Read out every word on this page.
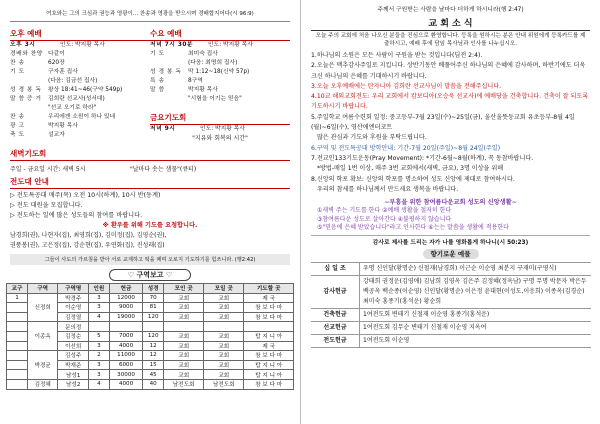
여호와는 그의 크심과 권능과 영광이... 찬송과 영광을 받으시며 경배합지어다(시 96:9)
오후 예배
오후 3시	인도: 박지황 목사
경배와 찬양 다같이
찬 송	620장
기 도	구자훈 집사
(다음: 김금선 집사)
성 경 봉 독	왕상 18:41~46(구약 549p)
말 씀 증 거	김희란 선교사(성서대)
"선교 오기로 하라"
찬 송	우리에겐 소원이 하나 있네
광 고	박지황 목사
축 도	설교자
수요 예배
저녁 7시 30분	인도: 박지황 목사
기 도	최미숙 집사
(다음: 최명희 집사)
성 경 봉 독	막 1:12~18(신약 57p)
특 송	8구역
말 씀	박지황 목사
"시험을 이기는 믿음"
금요기도회
저녁 9시	인도: 박지황 목사
"지유와 회복의 시간"
새벽기도회
주일 - 금요일 시간: 새벽 5시	"날마다 솟는 샘물"(큐티)
전도대 안내
▷ 전도특공대 매주(목) 오전 10시(하계), 10시 반(동계)
▷ 전도 대원을 모집합니다.
▷ 전도하는 일에 많은 성도들의 참여를 바랍니다.
※ 환우를 위해 기도를 요청합니다.
남경희(권), 나현자(집), 최영희(집), 김미정(집), 김영순(권),
권풍봉(권), 고은정(집), 강순현(집), 우연화(집), 진성래(집)
그들이 사도의 가르침을 받아 서로 교제하고 떡을 떼며 오로지 기도하기를 힘쓰니라. (행2:42)
♡ 구역보고 ♡
교구	구역	구역명	인원	헌금	성경	모인 곳	모일 곳	기도할 곳
1	신정희	박경주	3	12000	70	교회	교회	제 국
		이순영	3	9000	81	교회	교회	참 보 다 마
		김정열	4	19000	120	교회	교회	참 보 다 마
	이종옥	문의정						
		김정순	5	7000	120	교회	교회	탑 지 니 아
		이선희	3	4000	12	교회	교회	제 국
	박경균	김성주	2	11000	12	교회	교회	참 보 다 마
		박재준	3	6000	15	교회	교회	탑 지 니 아
		남성1	3	30000	45	교회	교회	탑 지 니 아
	김정혜	남성2	4	4000	40	남전도회	남전도회	참 보 다 마
주께서 구원받는 사람을 날마다 더하게 하시니라(행 2:47)
교 회 소 식
오늘 주의 교회에 처음 나오신 분들을 진심으로 환영합니다. 등록을 원하시는 분은 안내 위원에게 등록카드를 제출하시고, 예배 후에 담임 목사님과 인사를 나누십시오.
1.하나님의 소원은 모든 사람이 구원을 받는 것입니다(딤전 2:4).
2.오늘은 맥추감사주일로 지킵니다. 상반기동안 베풀어주신 하나님의 은혜에 감사하며, 하반기에도 더욱 크신 하나님의 은혜를 기대하시기 바랍니다.
3.오늘 오후예배에는 탄자니아 김희란 선교사님이 말씀을 전해주십니다.
4.10교 해외교회전도: 우리 교회에서 캄보디아(오승욱 선교사)에 예배당을 건축합니다. 건축이 잘 되도록 기도하시기 바랍니다.
5.주일학교 여름수련회 일정: 중고등부-7월 23일(수)~25일(금), 울산울뜻둥교회 유초등부-8월 4일(월)~6일(수), 영산애엔터코트
많은 관심과 기도와 후원을 부탁드립니다.
6.구역 및 전도특공대 방학안내: 기간-7월 20일(주일)~8월 24일(주일)
7.전교인133기도운동(Pray Movement): *기간-6월~8월(하계), 꼭 동참바랍니다.
*방법-매일 1번 이상, 매주 3번 교회에서(새벽, 금요), 3명 이상을 위해
8.신앙의 학포 확보: 신앙의 학포를 명소하여 성도 신앙에 제대로 참여하시다.
우리의 참세를 하나님께서 만드세요 생복을 바랍니다.
~부흥을 위한 참여름다운교회 성도의 신앙생활~
①새벽 주는 기도를 한다 ②예배 생활을 철저히 한다
③참여름다운 성도로 살아간다 ④불평하지 않습니다
⑤"믿음에 은혜 받았습니다"라고 인사한다 ⑥는는 말씀을 생활에 적용한다
감사로 제사를 드리는 자가 나를 영화롭게 하나니(시 50:23)
향기로운 예물
십 일 조	우명 신인달(황명순) 신철재(남경희) 이근순 이순영 최분지 구재미(구영식)
감사헌금	강태희 권정운(김영애) 김남희 김영옥 김은주 김정혜(정옥남) 구명 무명 박문자 박은두 백공옥 백순종(이순영) 신인달(황명순) 이은정 윤대현(이성도,이응희) 이종옥(김경순) 최미숙 홍종기(홍석운) 황순희
건축헌금	1여전도회 변태기 신철재 이순영 홍종기(홍석운)
선교헌금	1여전도회 김무순 변태기 신철재 이순영 지옥여
전도헌금	1여전도회 이순영
